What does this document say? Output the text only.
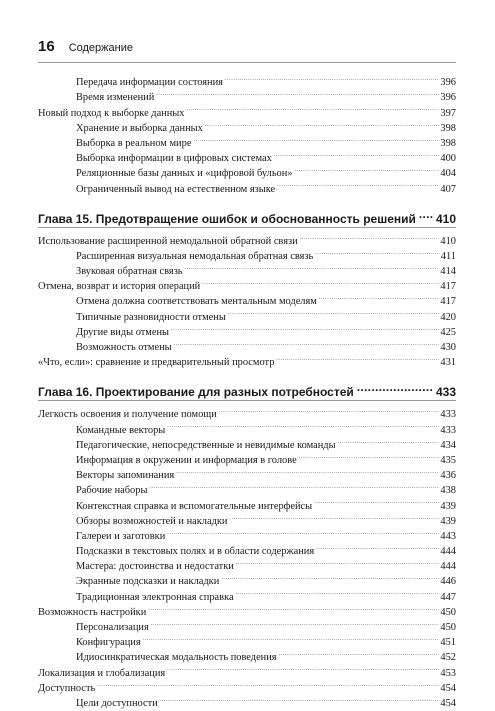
16 Содержание
Передача информации состояния .....	396
Время изменений .....	396
Новый подход к выборке данных .....	397
Хранение и выборка данных .....	398
Выборка в реальном мире .....	398
Выборка информации в цифровых системах .....	400
Реляционные базы данных и «цифровой бульон» .....	404
Ограниченный вывод на естественном языке .....	407
Глава 15. Предотвращение ошибок и обоснованность решений ..... 410
Использование расширенной немодальной обратной связи .....	410
Расширенная визуальная немодальная обратная связь .....	411
Звуковая обратная связь .....	414
Отмена, возврат и история операций .....	417
Отмена должна соответствовать ментальным моделям .....	417
Типичные разновидности отмены .....	420
Другие виды отмены .....	425
Возможность отмены .....	430
«Что, если»: сравнение и предварительный просмотр .....	431
Глава 16. Проектирование для разных потребностей .....	433
Легкость освоения и получение помощи .....	433
Командные векторы .....	433
Педагогические, непосредственные и невидимые команды .....	434
Информация в окружении и информация в голове .....	435
Векторы запоминания .....	436
Рабочие наборы .....	438
Контекстная справка и вспомогательные интерфейсы .....	439
Обзоры возможностей и накладки .....	439
Галереи и заготовки .....	443
Подсказки в текстовых полях и в области содержания .....	444
Мастера: достоинства и недостатки .....	444
Экранные подсказки и накладки .....	446
Традиционная электронная справка .....	447
Возможность настройки .....	450
Персонализация .....	450
Конфигурация .....	451
Идиосинкратическая модальность поведения .....	452
Локализация и глобализация .....	453
Доступность .....	454
Цели доступности .....	454
